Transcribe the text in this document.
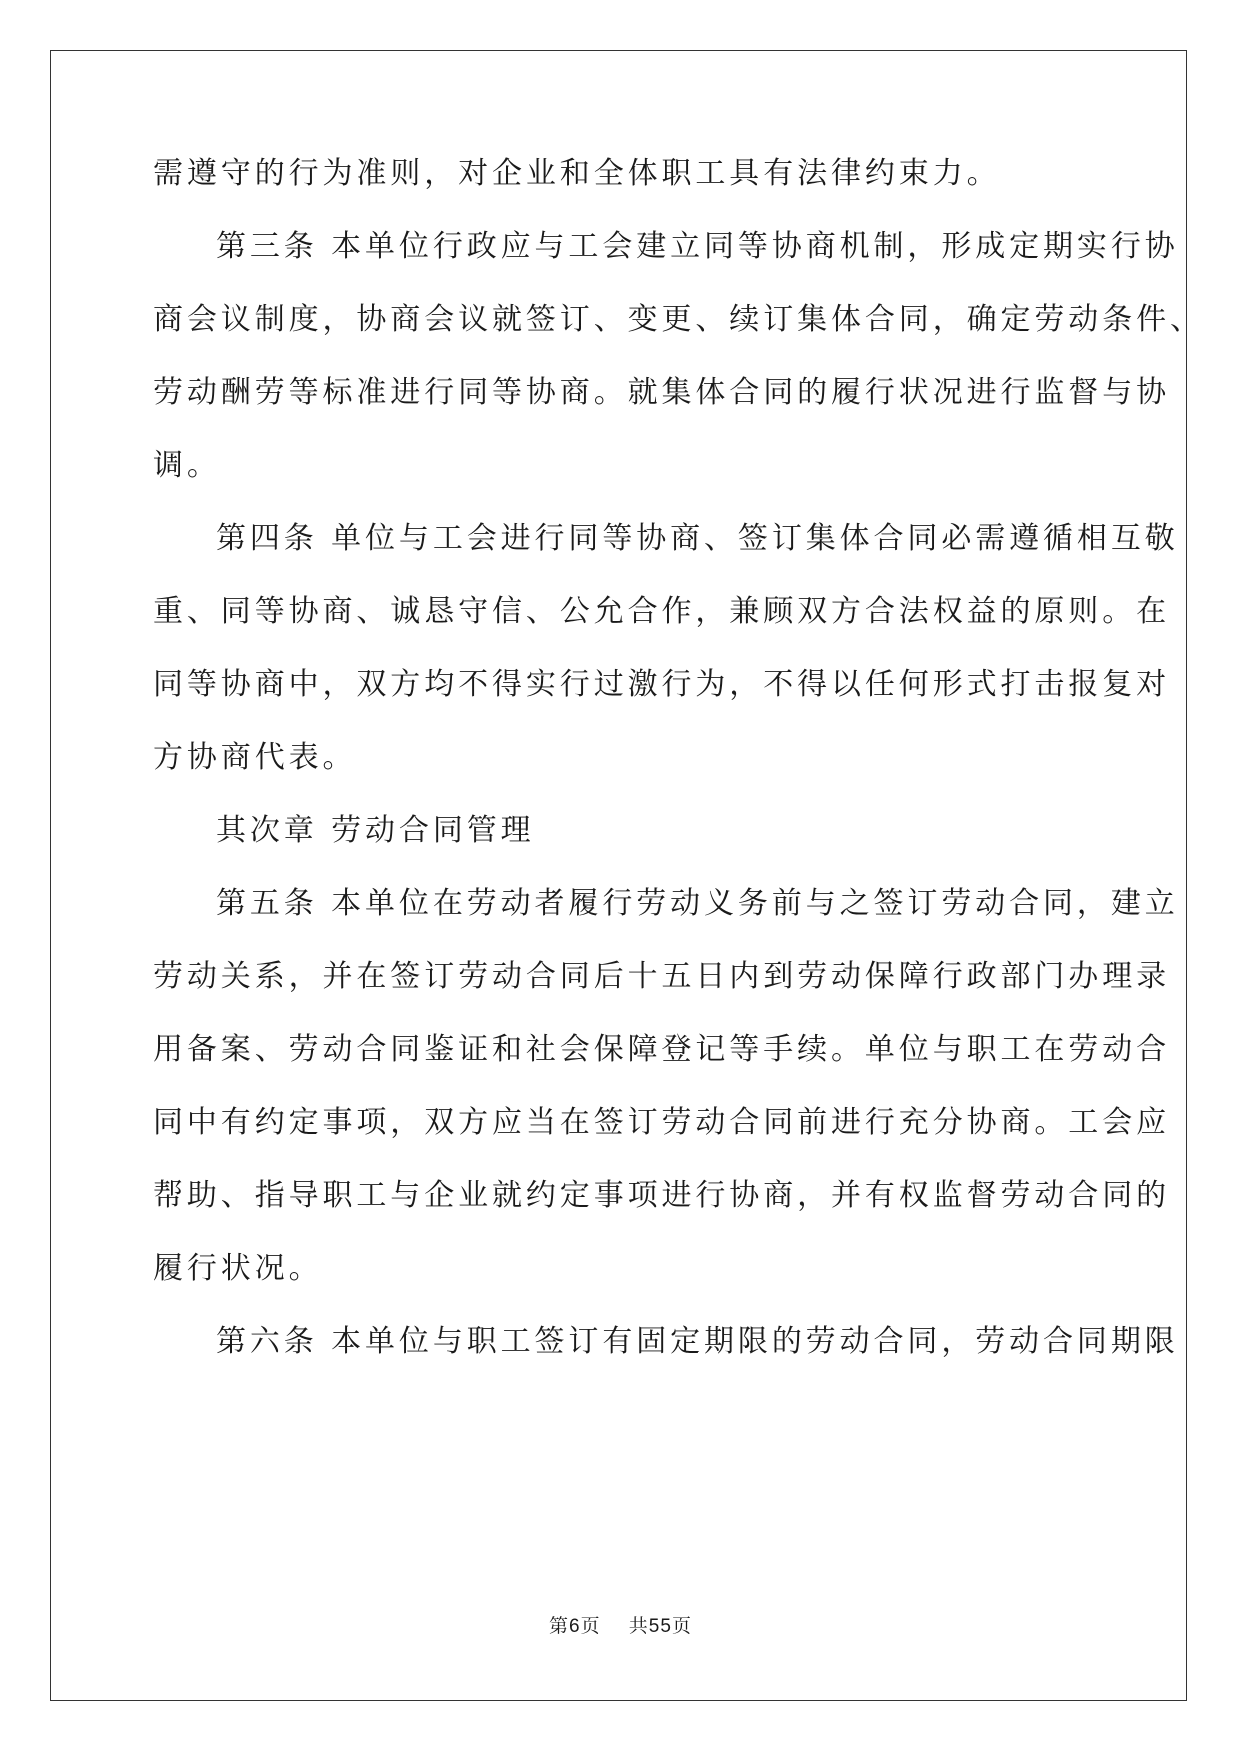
需遵守的行为准则，对企业和全体职工具有法律约束力。
第三条 本单位行政应与工会建立同等协商机制，形成定期实行协
商会议制度，协商会议就签订、变更、续订集体合同，确定劳动条件、
劳动酬劳等标准进行同等协商。就集体合同的履行状况进行监督与协
调。
第四条 单位与工会进行同等协商、签订集体合同必需遵循相互敬
重、同等协商、诚恳守信、公允合作，兼顾双方合法权益的原则。在
同等协商中，双方均不得实行过激行为，不得以任何形式打击报复对
方协商代表。
其次章 劳动合同管理
第五条 本单位在劳动者履行劳动义务前与之签订劳动合同，建立
劳动关系，并在签订劳动合同后十五日内到劳动保障行政部门办理录
用备案、劳动合同鉴证和社会保障登记等手续。单位与职工在劳动合
同中有约定事项，双方应当在签订劳动合同前进行充分协商。工会应
帮助、指导职工与企业就约定事项进行协商，并有权监督劳动合同的
履行状况。
第六条 本单位与职工签订有固定期限的劳动合同，劳动合同期限
第6页    共55页
